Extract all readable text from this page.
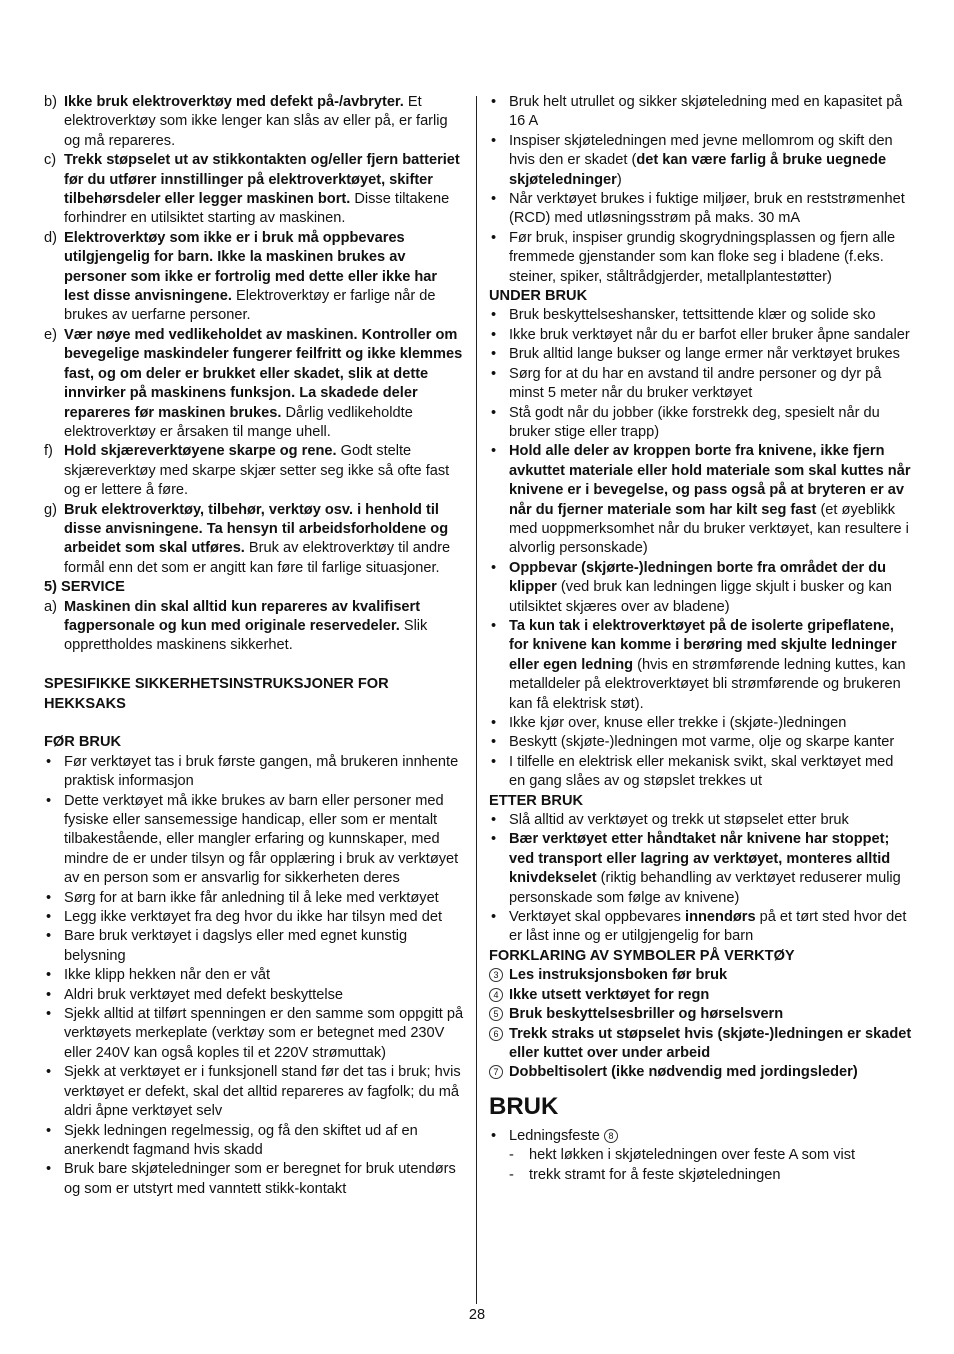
b) Ikke bruk elektroverktøy med defekt på-/avbryter. Et elektroverktøy som ikke lenger kan slås av eller på, er farlig og må repareres.
c) Trekk støpselet ut av stikkontakten og/eller fjern batteriet før du utfører innstillinger på elektroverktøyet, skifter tilbehørsdeler eller legger maskinen bort. Disse tiltakene forhindrer en utilsiktet starting av maskinen.
d) Elektroverktøy som ikke er i bruk må oppbevares utilgjengelig for barn. Ikke la maskinen brukes av personer som ikke er fortrolig med dette eller ikke har lest disse anvisningene. Elektroverktøy er farlige når de brukes av uerfarne personer.
e) Vær nøye med vedlikeholdet av maskinen. Kontroller om bevegelige maskindeler fungerer feilfritt og ikke klemmes fast, og om deler er brukket eller skadet, slik at dette innvirker på maskinens funksjon. La skadede deler repareres før maskinen brukes. Dårlig vedlikeholdte elektroverktøy er årsaken til mange uhell.
f) Hold skjæreverktøyene skarpe og rene. Godt stelte skjæreverktøy med skarpe skjær setter seg ikke så ofte fast og er lettere å føre.
g) Bruk elektroverktøy, tilbehør, verktøy osv. i henhold til disse anvisningene. Ta hensyn til arbeidsforholdene og arbeidet som skal utføres. Bruk av elektroverktøy til andre formål enn det som er angitt kan føre til farlige situasjoner.
5) SERVICE
a) Maskinen din skal alltid kun repareres av kvalifisert fagpersonale og kun med originale reservedeler. Slik opprettholdes maskinens sikkerhet.
SPESIFIKKE SIKKERHETSINSTRUKSJONER FOR HEKKSAKS
FØR BRUK
• Før verktøyet tas i bruk første gangen, må brukeren innhente praktisk informasjon
• Dette verktøyet må ikke brukes av barn eller personer med fysiske eller sansemessige handicap, eller som er mentalt tilbakestående, eller mangler erfaring og kunnskaper, med mindre de er under tilsyn og får opplæring i bruk av verktøyet av en person som er ansvarlig for sikkerheten deres
• Sørg for at barn ikke får anledning til å leke med verktøyet
• Legg ikke verktøyet fra deg hvor du ikke har tilsyn med det
• Bare bruk verktøyet i dagslys eller med egnet kunstig belysning
• Ikke klipp hekken når den er våt
• Aldri bruk verktøyet med defekt beskyttelse
• Sjekk alltid at tilført spenningen er den samme som oppgitt på verktøyets merkeplate (verktøy som er betegnet med 230V eller 240V kan også koples til et 220V strømuttak)
• Sjekk at verktøyet er i funksjonell stand før det tas i bruk; hvis verktøyet er defekt, skal det alltid repareres av fagfolk; du må aldri åpne verktøyet selv
• Sjekk ledningen regelmessig, og få den skiftet ud af en anerkendt fagmand hvis skadd
• Bruk bare skjøteledninger som er beregnet for bruk utendørs og som er utstyrt med vanntett stikk-kontakt
• Bruk helt utrullet og sikker skjøteledning med en kapasitet på 16 A
• Inspiser skjøteledningen med jevne mellomrom og skift den hvis den er skadet (det kan være farlig å bruke uegnede skjøteledninger)
• Når verktøyet brukes i fuktige miljøer, bruk en reststrømenhet (RCD) med utløsningsstrøm på maks. 30 mA
• Før bruk, inspiser grundig skogrydningsplassen og fjern alle fremmede gjenstander som kan floke seg i bladene (f.eks. steiner, spiker, ståltrådgjerder, metallplantestøtter)
UNDER BRUK
• Bruk beskyttelseshansker, tettsittende klær og solide sko
• Ikke bruk verktøyet når du er barfot eller bruker åpne sandaler
• Bruk alltid lange bukser og lange ermer når verktøyet brukes
• Sørg for at du har en avstand til andre personer og dyr på minst 5 meter når du bruker verktøyet
• Stå godt når du jobber (ikke forstrekk deg, spesielt når du bruker stige eller trapp)
• Hold alle deler av kroppen borte fra knivene, ikke fjern avkuttet materiale eller hold materiale som skal kuttes når knivene er i bevegelse, og pass også på at bryteren er av når du fjerner materiale som har kilt seg fast (et øyeblikk med uoppmerksomhet når du bruker verktøyet, kan resultere i alvorlig personskade)
• Oppbevar (skjørte-)ledningen borte fra området der du klipper (ved bruk kan ledningen ligge skjult i busker og kan utilsiktet skjæres over av bladene)
• Ta kun tak i elektroverktøyet på de isolerte gripeflatene, for knivene kan komme i berøring med skjulte ledninger eller egen ledning (hvis en strømførende ledning kuttes, kan metalldeler på elektroverktøyet bli strømførende og brukeren kan få elektrisk støt).
• Ikke kjør over, knuse eller trekke i (skjøte-)ledningen
• Beskytt (skjøte-)ledningen mot varme, olje og skarpe kanter
• I tilfelle en elektrisk eller mekanisk svikt, skal verktøyet med en gang slåes av og støpslet trekkes ut
ETTER BRUK
• Slå alltid av verktøyet og trekk ut støpselet etter bruk
• Bær verktøyet etter håndtaket når knivene har stoppet; ved transport eller lagring av verktøyet, monteres alltid knivdekselet (riktig behandling av verktøyet reduserer mulig personskade som følge av knivene)
• Verktøyet skal oppbevares innendørs på et tørt sted hvor det er låst inne og er utilgjengelig for barn
FORKLARING AV SYMBOLER PÅ VERKTØY
3 Les instruksjonsboken før bruk
4 Ikke utsett verktøyet for regn
5 Bruk beskyttelsesbriller og hørselsvern
6 Trekk straks ut støpselet hvis (skjøte-)ledningen er skadet eller kuttet over under arbeid
7 Dobbeltisolert (ikke nødvendig med jordingsleder)
BRUK
• Ledningsfeste 8
-	hekt løkken i skjøteledningen over feste A som vist
-	trekk stramt for å feste skjøteledningen
28
